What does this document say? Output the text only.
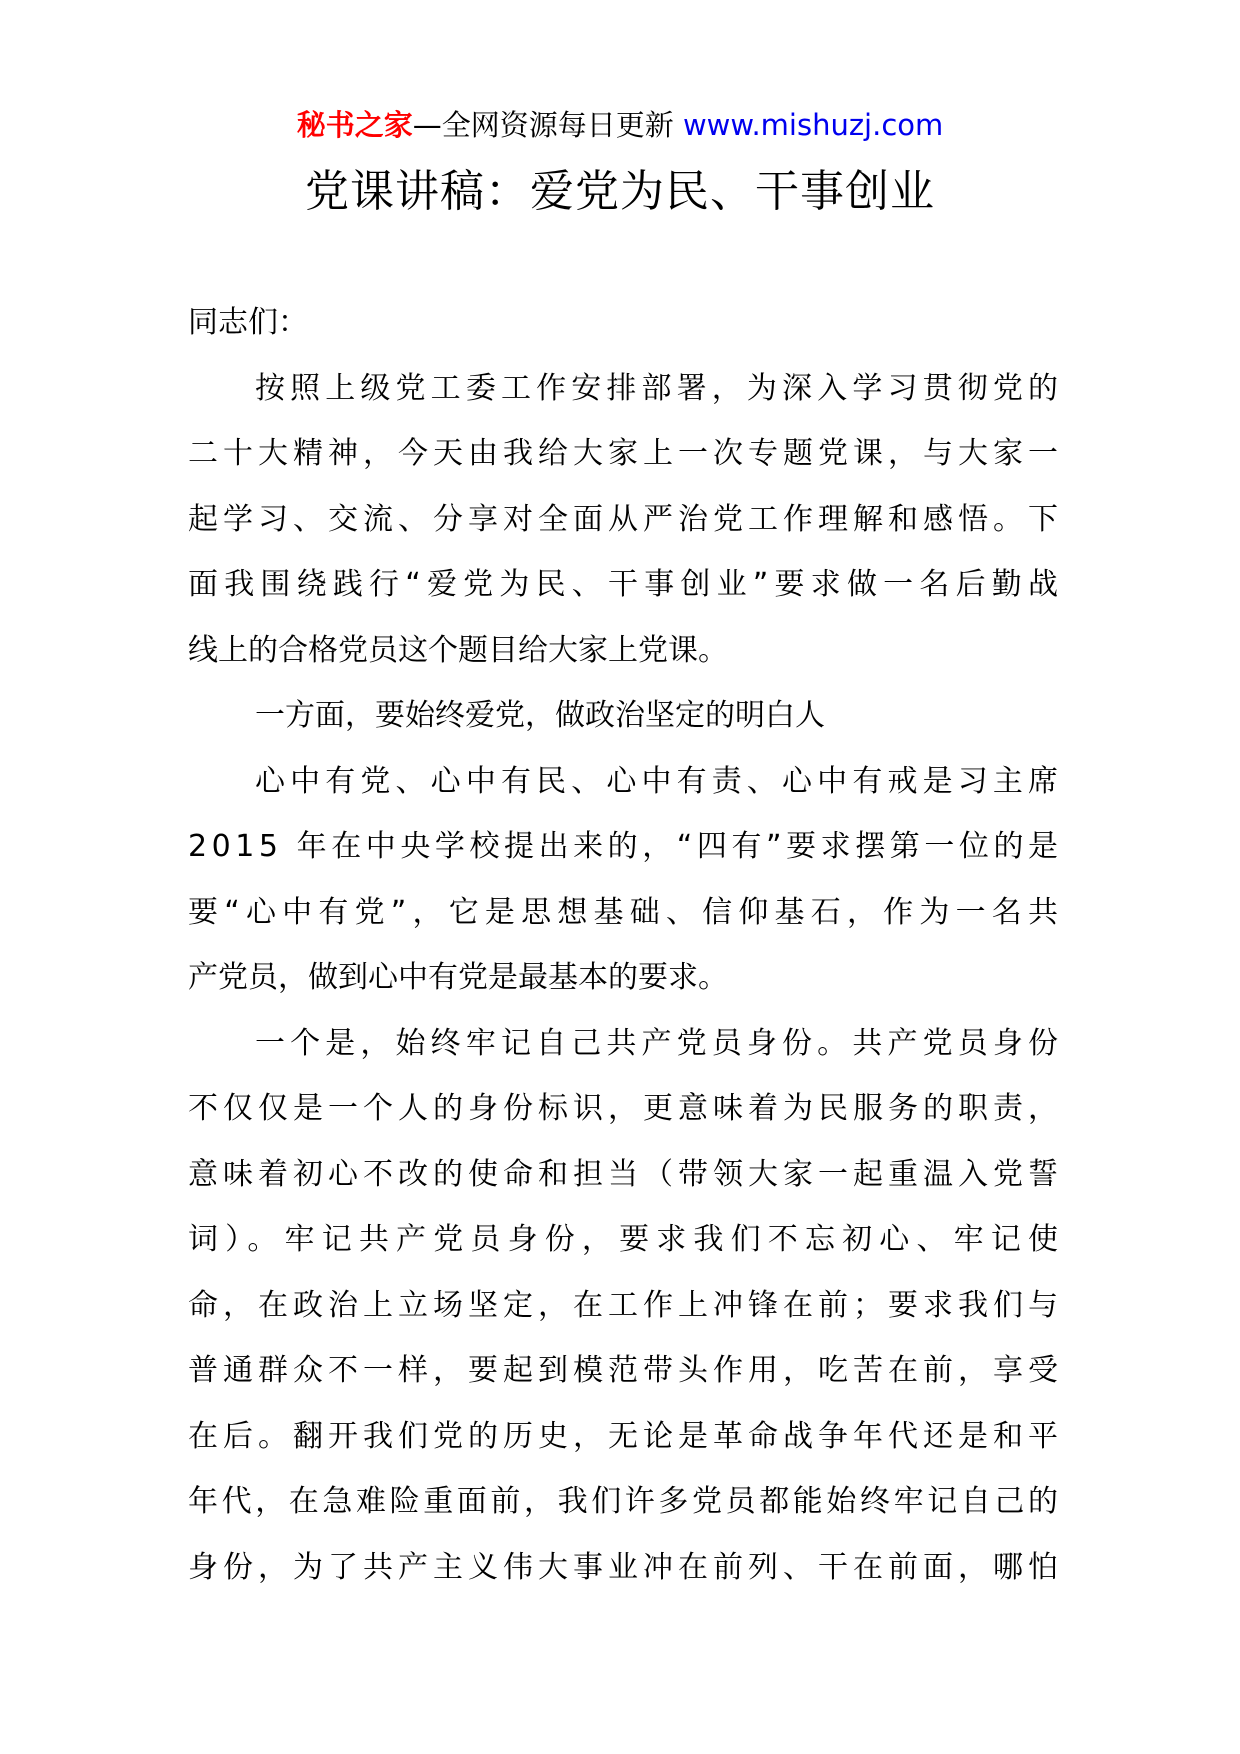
秘书之家—全网资源每日更新 www.mishuzj.com
党课讲稿：爱党为民、干事创业
同志们：
按照上级党工委工作安排部署，为深入学习贯彻党的
二十大精神，今天由我给大家上一次专题党课，与大家一
起学习、交流、分享对全面从严治党工作理解和感悟。下
面我围绕践行“爱党为民、干事创业”要求做一名后勤战
线上的合格党员这个题目给大家上党课。
一方面，要始终爱党，做政治坚定的明白人
心中有党、心中有民、心中有责、心中有戒是习主席
2015 年在中央学校提出来的，“四有”要求摆第一位的是
要“心中有党”，它是思想基础、信仰基石，作为一名共
产党员，做到心中有党是最基本的要求。
一个是，始终牢记自己共产党员身份。共产党员身份
不仅仅是一个人的身份标识，更意味着为民服务的职责，
意味着初心不改的使命和担当（带领大家一起重温入党誓
词）。牢记共产党员身份，要求我们不忘初心、牢记使
命，在政治上立场坚定，在工作上冲锋在前；要求我们与
普通群众不一样，要起到模范带头作用，吃苦在前，享受
在后。翻开我们党的历史，无论是革命战争年代还是和平
年代，在急难险重面前，我们许多党员都能始终牢记自己的
身份，为了共产主义伟大事业冲在前列、干在前面，哪怕
